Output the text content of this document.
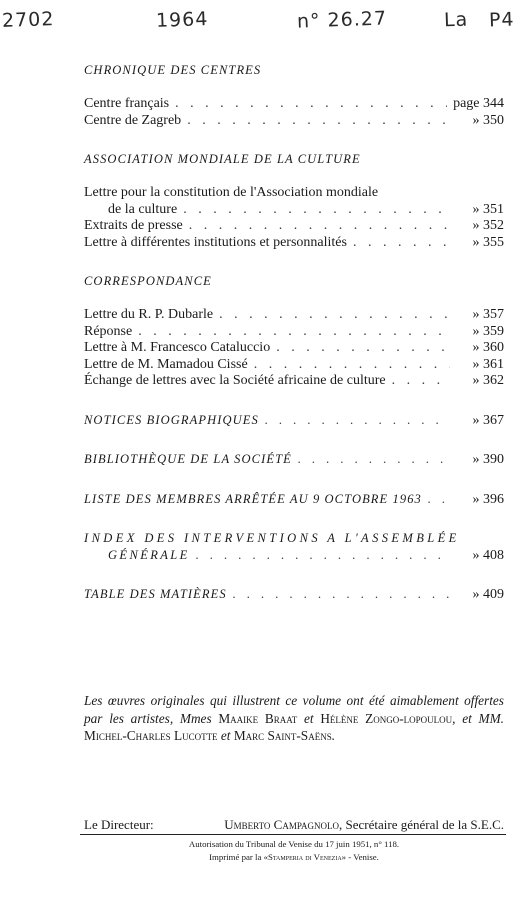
2702	1964	n° 26.27	La P4

CHRONIQUE DES CENTRES

Centre français . . .	page 344
Centre de Zagreb . . .	» 350

ASSOCIATION MONDIALE DE LA CULTURE

Lettre pour la constitution de l'Association mondiale
de la culture . . .	» 351
Extraits de presse . . .	» 352
Lettre à différentes institutions et personnalités . . .	» 355

CORRESPONDANCE

Lettre du R. P. Dubarle . . .	» 357
Réponse . . .	» 359
Lettre à M. Francesco Cataluccio . . .	» 360
Lettre de M. Mamadou Cissé . . .	» 361
Échange de lettres avec la Société africaine de culture . . .	» 362
NOTICES BIOGRAPHIQUES . . .	» 367
BIBLIOTHÈQUE DE LA SOCIÉTÉ . . .	» 390
LISTE DES MEMBRES ARRÊTÉE AU 9 OCTOBRE 1963 . . .	» 396
INDEX DES INTERVENTIONS A L'ASSEMBLÉE
GÉNÉRALE . . .	» 408
TABLE DES MATIÈRES . . .	» 409

Les œuvres originales qui illustrent ce volume ont été aimablement offertes par les artistes, Mmes Maaike Braat et Hélène Zongo-lopoulou, et MM. Michel-Charles Lucotte et Marc Saint-Saëns.

Le Directeur:	Umberto Campagnolo, Secrétaire général de la S.E.C.
Autorisation du Tribunal de Venise du 17 juin 1951, n° 118.
Imprimé par la «Stamperia di Venezia» - Venise.
